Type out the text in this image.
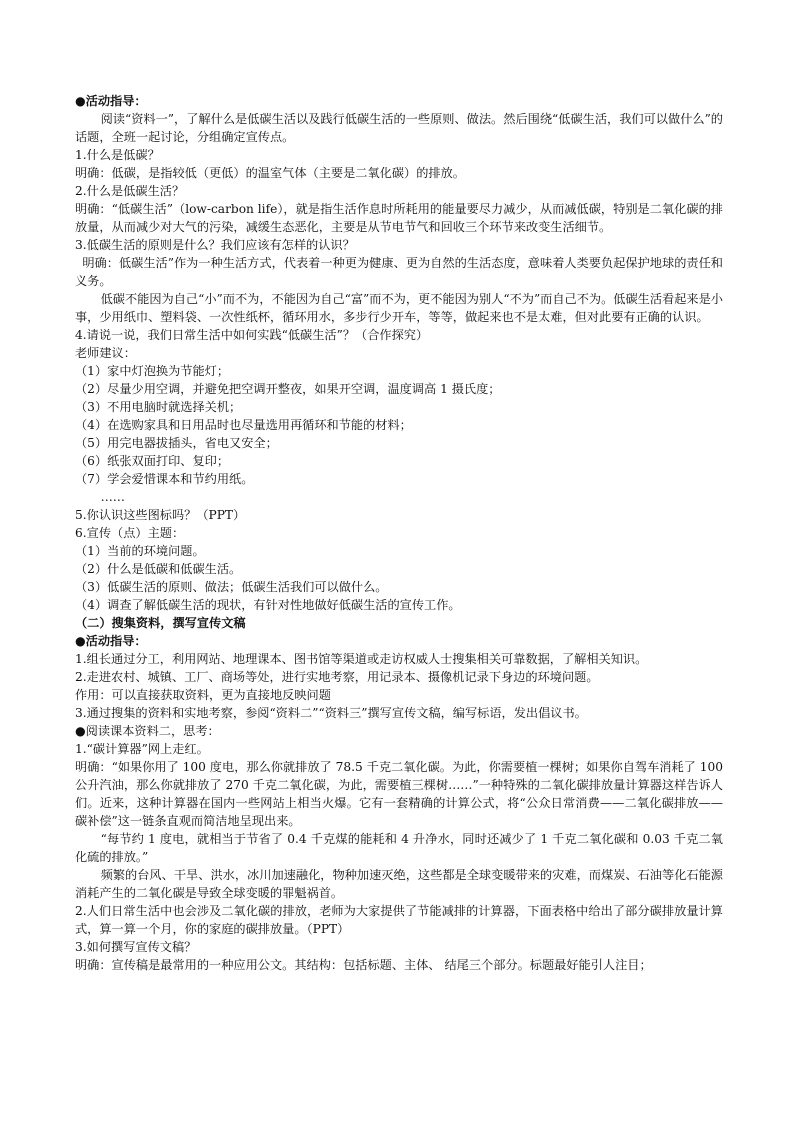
●活动指导：

阅读“资料一”，了解什么是低碳生活以及践行低碳生活的一些原则、做法。然后围绕“低碳生活，我们可以做什么”的话题，全班一起讨论，分组确定宣传点。

1.什么是低碳？

明确：低碳，是指较低（更低）的温室气体（主要是二氧化碳）的排放。

2.什么是低碳生活？

明确：“低碳生活”（low-carbon life），就是指生活作息时所耗用的能量要尽力减少，从而减低碳，特别是二氧化碳的排放量，从而减少对大气的污染，减缓生态恶化，主要是从节电节气和回收三个环节来改变生活细节。

3.低碳生活的原则是什么？我们应该有怎样的认识？

明确：低碳生活”作为一种生活方式，代表着一种更为健康、更为自然的生活态度，意味着人类要负起保护地球的责任和义务。

低碳不能因为自己“小”而不为，不能因为自己“富”而不为，更不能因为别人“不为”而自己不为。低碳生活看起来是小事，少用纸巾、塑料袋、一次性纸杯，循环用水，多步行少开车，等等，做起来也不是太难，但对此要有正确的认识。

4.请说一说，我们日常生活中如何实践“低碳生活”？（合作探究）

老师建议：

（1）家中灯泡换为节能灯；

（2）尽量少用空调，并避免把空调开整夜，如果开空调，温度调高 1 摄氏度；

（3）不用电脑时就选择关机；

（4）在选购家具和日用品时也尽量选用再循环和节能的材料；

（5）用完电器拔插头，省电又安全；

（6）纸张双面打印、复印；

（7）学会爱惜课本和节约用纸。

……

5.你认识这些图标吗？（PPT）

6.宣传（点）主题：

（1）当前的环境问题。

（2）什么是低碳和低碳生活。

（3）低碳生活的原则、做法；低碳生活我们可以做什么。

（4）调查了解低碳生活的现状，有针对性地做好低碳生活的宣传工作。

（二）搜集资料，撰写宣传文稿

●活动指导：

1.组长通过分工，利用网站、地理课本、图书馆等渠道或走访权威人士搜集相关可靠数据，了解相关知识。

2.走进农村、城镇、工厂、商场等处，进行实地考察，用记录本、摄像机记录下身边的环境问题。

作用：可以直接获取资料，更为直接地反映问题

3.通过搜集的资料和实地考察，参阅“资料二”“资料三”撰写宣传文稿，编写标语，发出倡议书。

●阅读课本资料二，思考：

1.“碳计算器”网上走红。

明确：“如果你用了 100 度电，那么你就排放了 78.5 千克二氧化碳。为此，你需要植一棵树；如果你自驾车消耗了 100 公升汽油，那么你就排放了 270 千克二氧化碳，为此，需要植三棵树……”一种特殊的二氧化碳排放量计算器这样告诉人们。近来，这种计算器在国内一些网站上相当火爆。它有一套精确的计算公式，将“公众日常消费——二氧化碳排放——碳补偿”这一链条直观而简洁地呈现出来。

“每节约 1 度电，就相当于节省了 0.4 千克煤的能耗和 4 升净水，同时还减少了 1 千克二氧化碳和 0.03 千克二氧化硫的排放。”

频繁的台风、干旱、洪水，冰川加速融化，物种加速灭绝，这些都是全球变暖带来的灾难，而煤炭、石油等化石能源消耗产生的二氧化碳是导致全球变暖的罪魁祸首。

2.人们日常生活中也会涉及二氧化碳的排放，老师为大家提供了节能减排的计算器，下面表格中给出了部分碳排放量计算式，算一算一个月，你的家庭的碳排放量。（PPT）

3.如何撰写宣传文稿？

明确：宣传稿是最常用的一种应用公文。其结构：包括标题、主体、 结尾三个部分。标题最好能引人注目；
